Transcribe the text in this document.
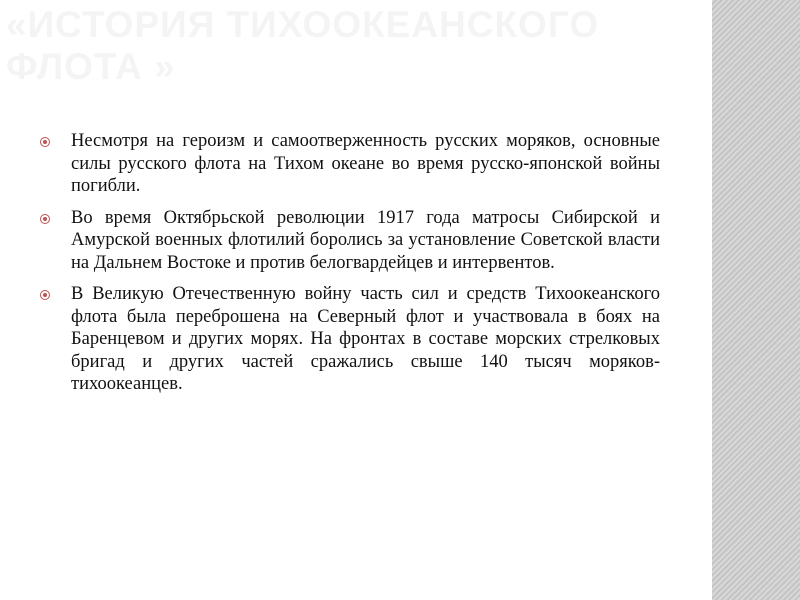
«ИСТОРИЯ ТИХООКЕАНСКОГО ФЛОТА »
Несмотря на героизм и самоотверженность русских моряков, основные силы русского флота на Тихом океане во время русско-японской войны погибли.
Во время Октябрьской революции 1917 года матросы Сибирской и Амурской военных флотилий боролись за установление Советской власти на Дальнем Востоке и против белогвардейцев и интервентов.
В Великую Отечественную войну часть сил и средств Тихоокеанского флота была переброшена на Северный флот и участвовала в боях на Баренцевом и других морях. На фронтах в составе морских стрелковых бригад и других частей сражались свыше 140 тысяч моряков-тихоокеанцев.
